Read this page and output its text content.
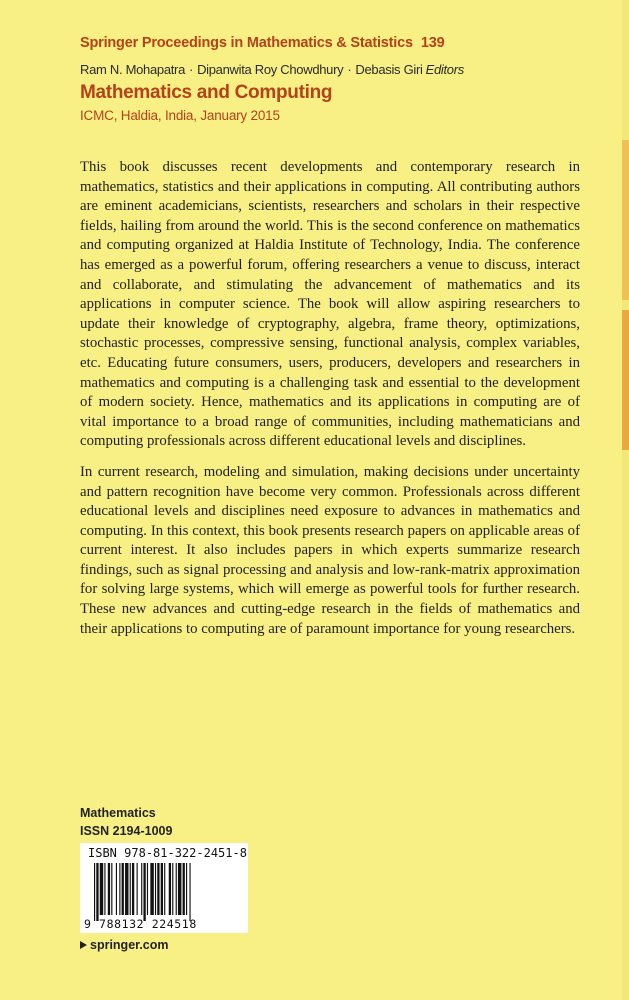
Springer Proceedings in Mathematics & Statistics 139
Ram N. Mohapatra · Dipanwita Roy Chowdhury · Debasis Giri Editors
Mathematics and Computing
ICMC, Haldia, India, January 2015

This book discusses recent developments and contemporary research in mathematics, statistics and their applications in computing. All contributing authors are eminent academicians, scientists, researchers and scholars in their respective fields, hailing from around the world. This is the second conference on mathematics and computing organized at Haldia Institute of Technology, India. The conference has emerged as a powerful forum, offering researchers a venue to discuss, interact and collaborate, and stimulating the advancement of mathematics and its applications in computer science. The book will allow aspiring researchers to update their knowledge of cryptography, algebra, frame theory, optimizations, stochastic processes, compressive sensing, functional analysis, complex variables, etc. Educating future consumers, users, producers, developers and researchers in mathematics and computing is a challenging task and essential to the development of modern society. Hence, mathematics and its applications in computing are of vital importance to a broad range of communities, including mathematicians and computing professionals across different educational levels and disciplines.

In current research, modeling and simulation, making decisions under uncertainty and pattern recognition have become very common. Professionals across different educational levels and disciplines need exposure to advances in mathematics and computing. In this context, this book presents research papers on applicable areas of current interest. It also includes papers in which experts summarize research findings, such as signal processing and analysis and low-rank-matrix approximation for solving large systems, which will emerge as powerful tools for further research. These new advances and cutting-edge research in the fields of mathematics and their applications to computing are of paramount importance for young researchers.

Mathematics
ISSN 2194-1009
ISBN 978-81-322-2451-8
9 788132 224518
springer.com
